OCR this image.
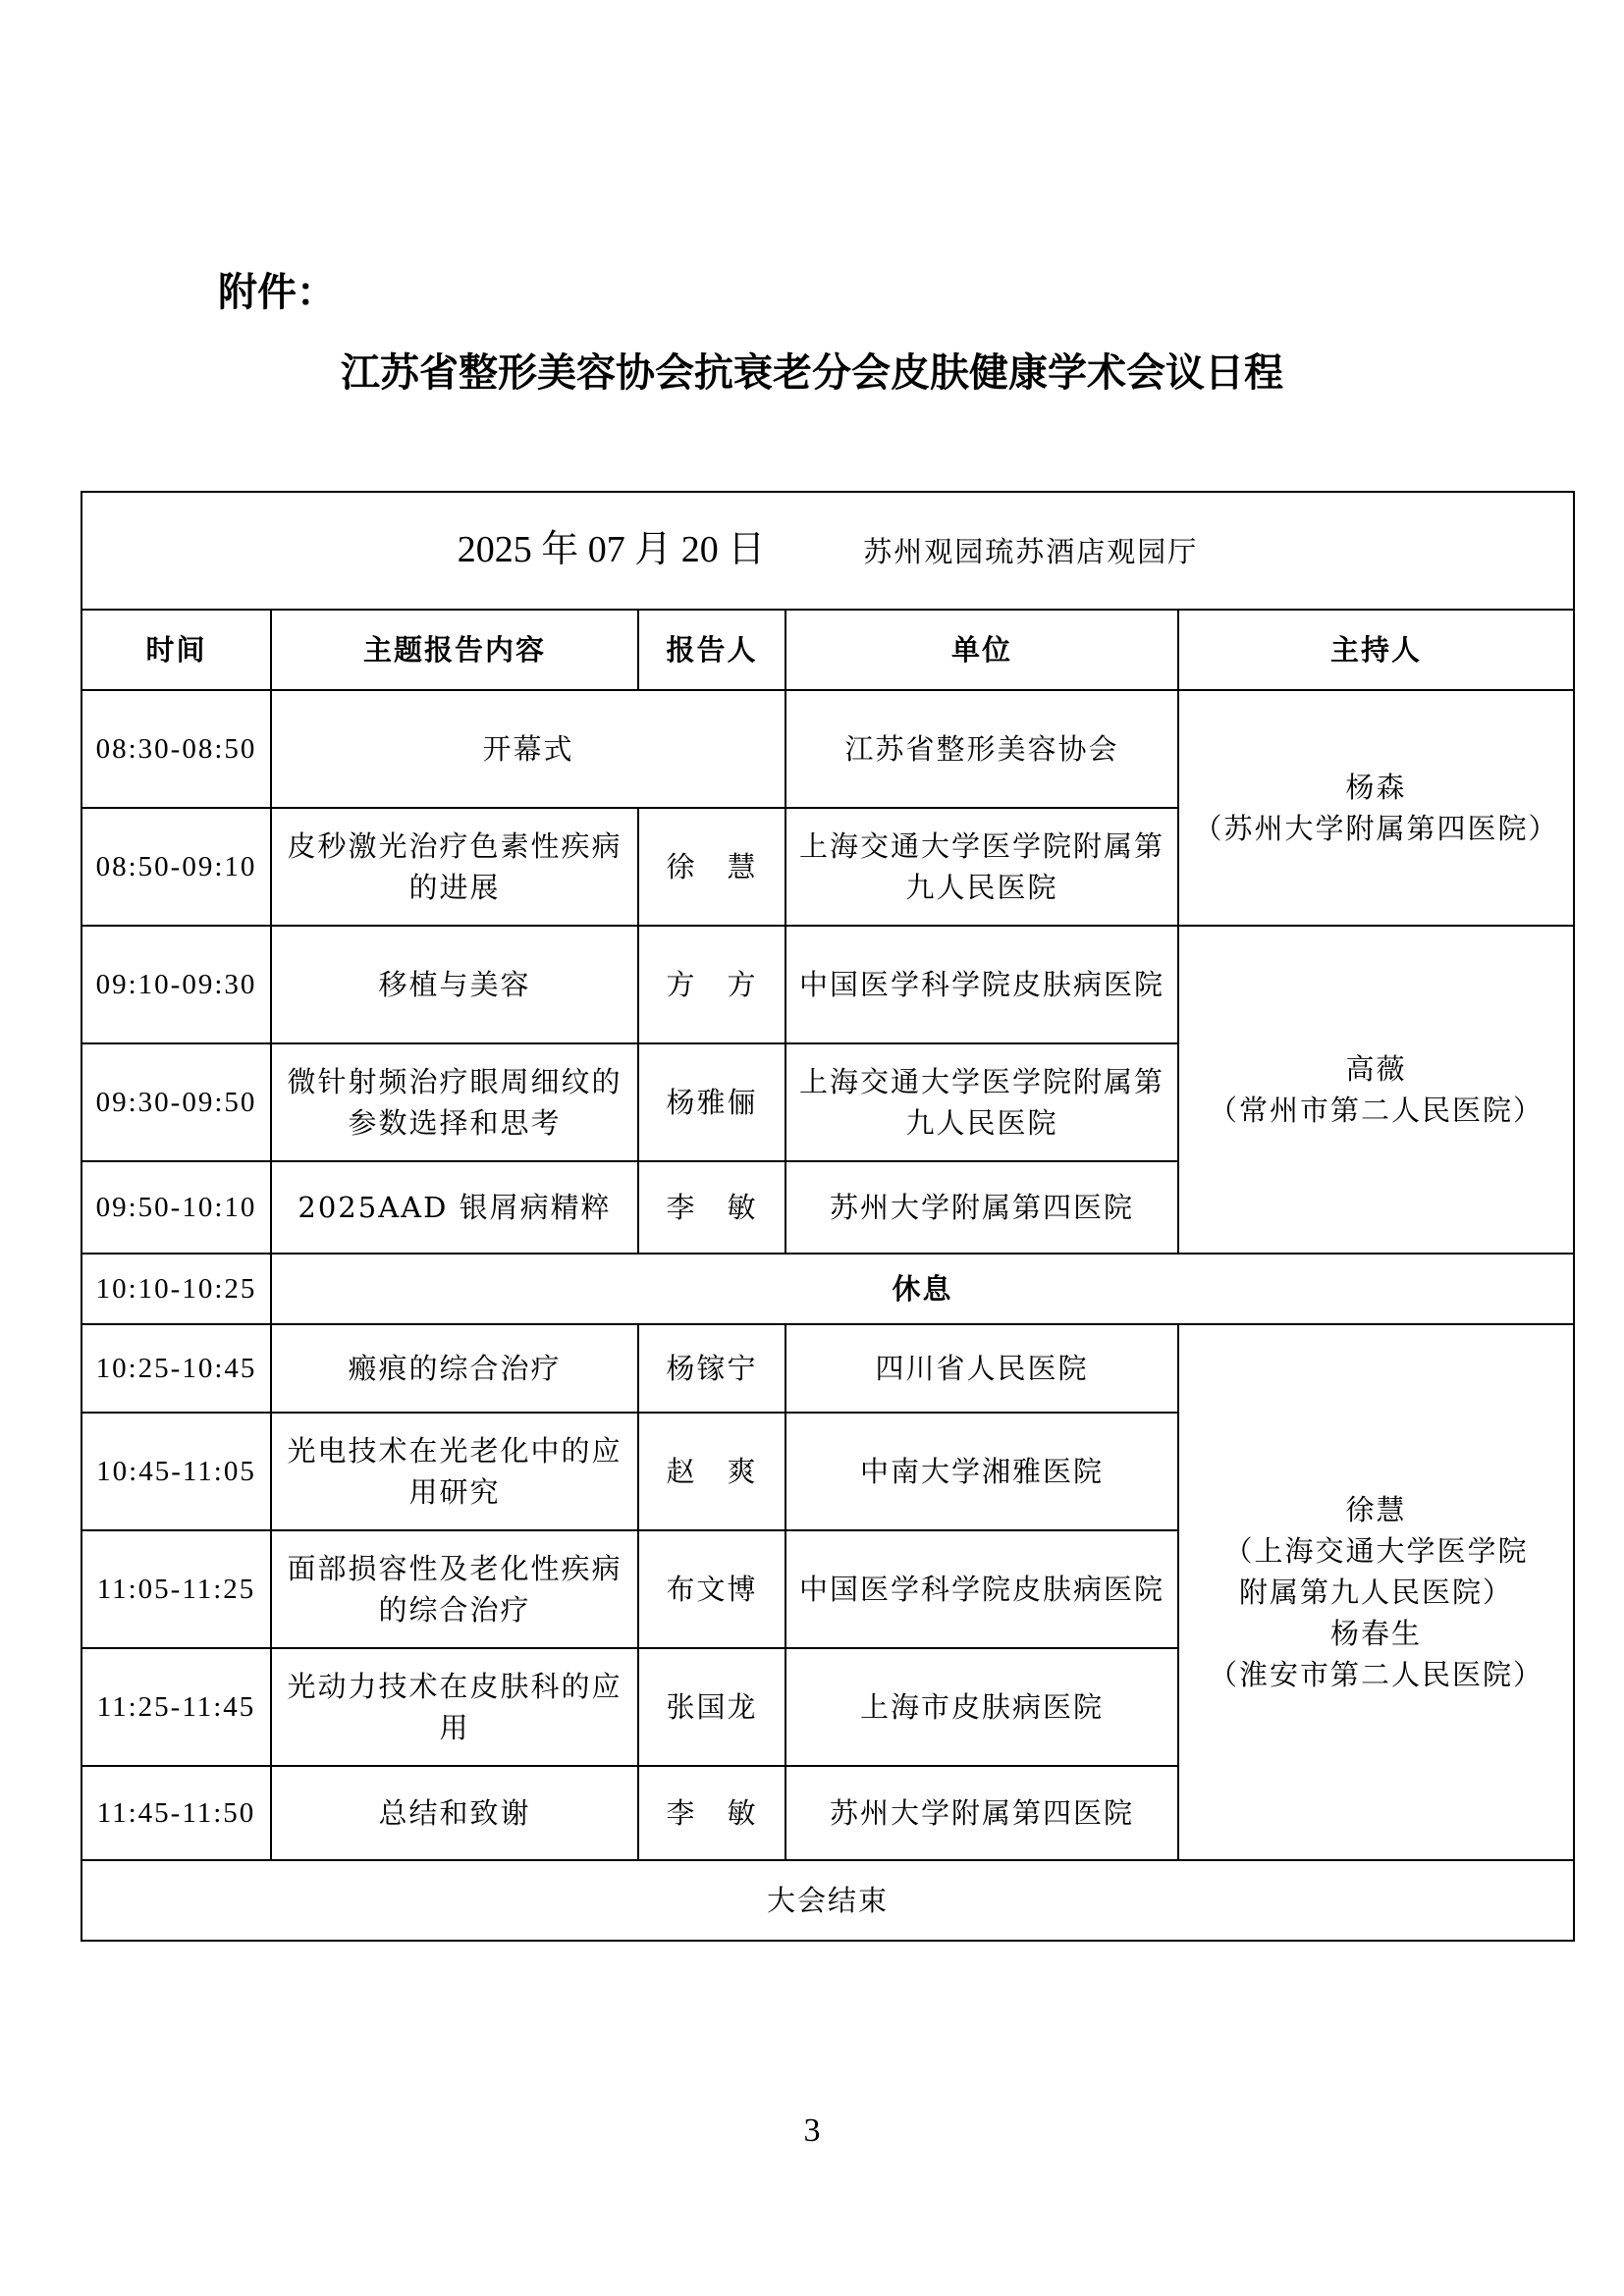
附件：
江苏省整形美容协会抗衰老分会皮肤健康学术会议日程
2025 年 07 月 20 日 苏州观园琉苏酒店观园厅				
时间	主题报告内容	报告人	单位	主持人
08:30-08:50	开幕式		江苏省整形美容协会	杨森
（苏州大学附属第四医院）

08:50-09:10	皮秒激光治疗色素性疾病的进展	徐　慧	上海交通大学医学院附属第九人民医院	
09:10-09:30	移植与美容	方　方	中国医学科学院皮肤病医院	高薇
（常州市第二人民医院）

09:30-09:50	微针射频治疗眼周细纹的参数选择和思考	杨雅俪	上海交通大学医学院附属第九人民医院	
09:50-10:10	2025AAD 银屑病精粹	李　敏	苏州大学附属第四医院	
10:10-10:25	休息			
10:25-10:45	瘢痕的综合治疗	杨镓宁	四川省人民医院	徐慧
（上海交通大学医学院
附属第九人民医院）
杨春生
（淮安市第二人民医院）

10:45-11:05	光电技术在光老化中的应用研究	赵　爽	中南大学湘雅医院	
11:05-11:25	面部损容性及老化性疾病的综合治疗	布文博	中国医学科学院皮肤病医院	
11:25-11:45	光动力技术在皮肤科的应用	张国龙	上海市皮肤病医院	
11:45-11:50	总结和致谢	李　敏	苏州大学附属第四医院	
大会结束				
3
